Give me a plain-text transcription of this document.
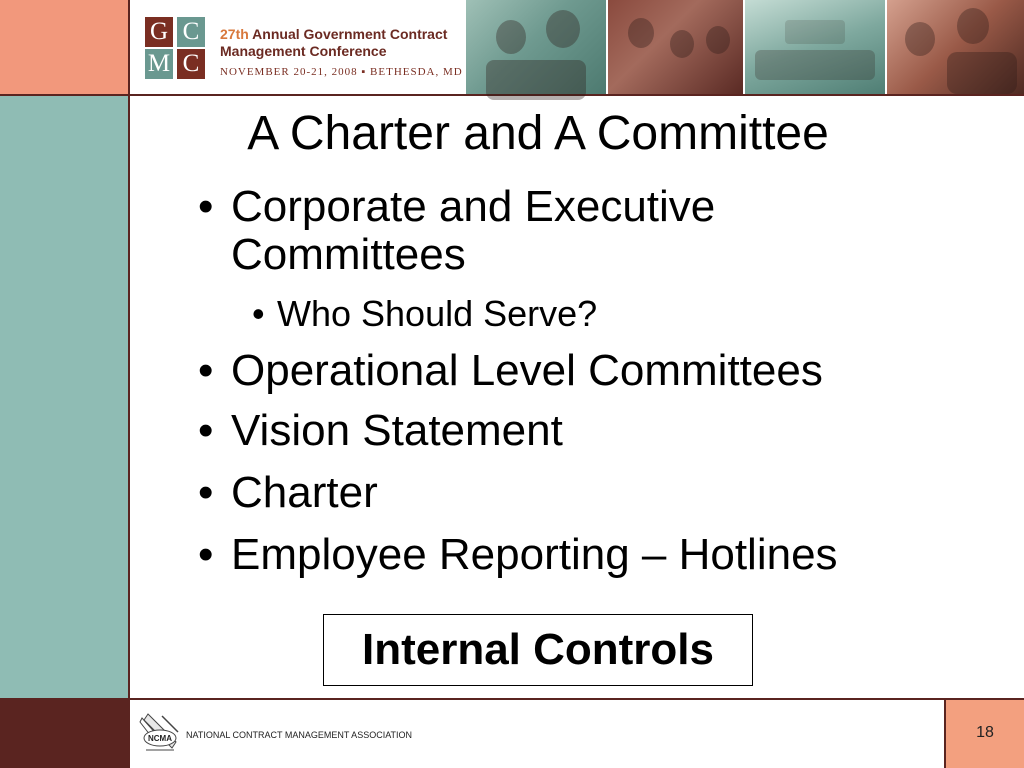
G C
M C
27th Annual Government Contract
Management Conference
NOVEMBER 20-21, 2008 ▪ BETHESDA, MD
A Charter and A Committee
• Corporate and Executive
Committees
• Who Should Serve?
• Operational Level Committees
• Vision Statement
• Charter
• Employee Reporting – Hotlines
Internal Controls
NCMA NATIONAL CONTRACT MANAGEMENT ASSOCIATION	18
